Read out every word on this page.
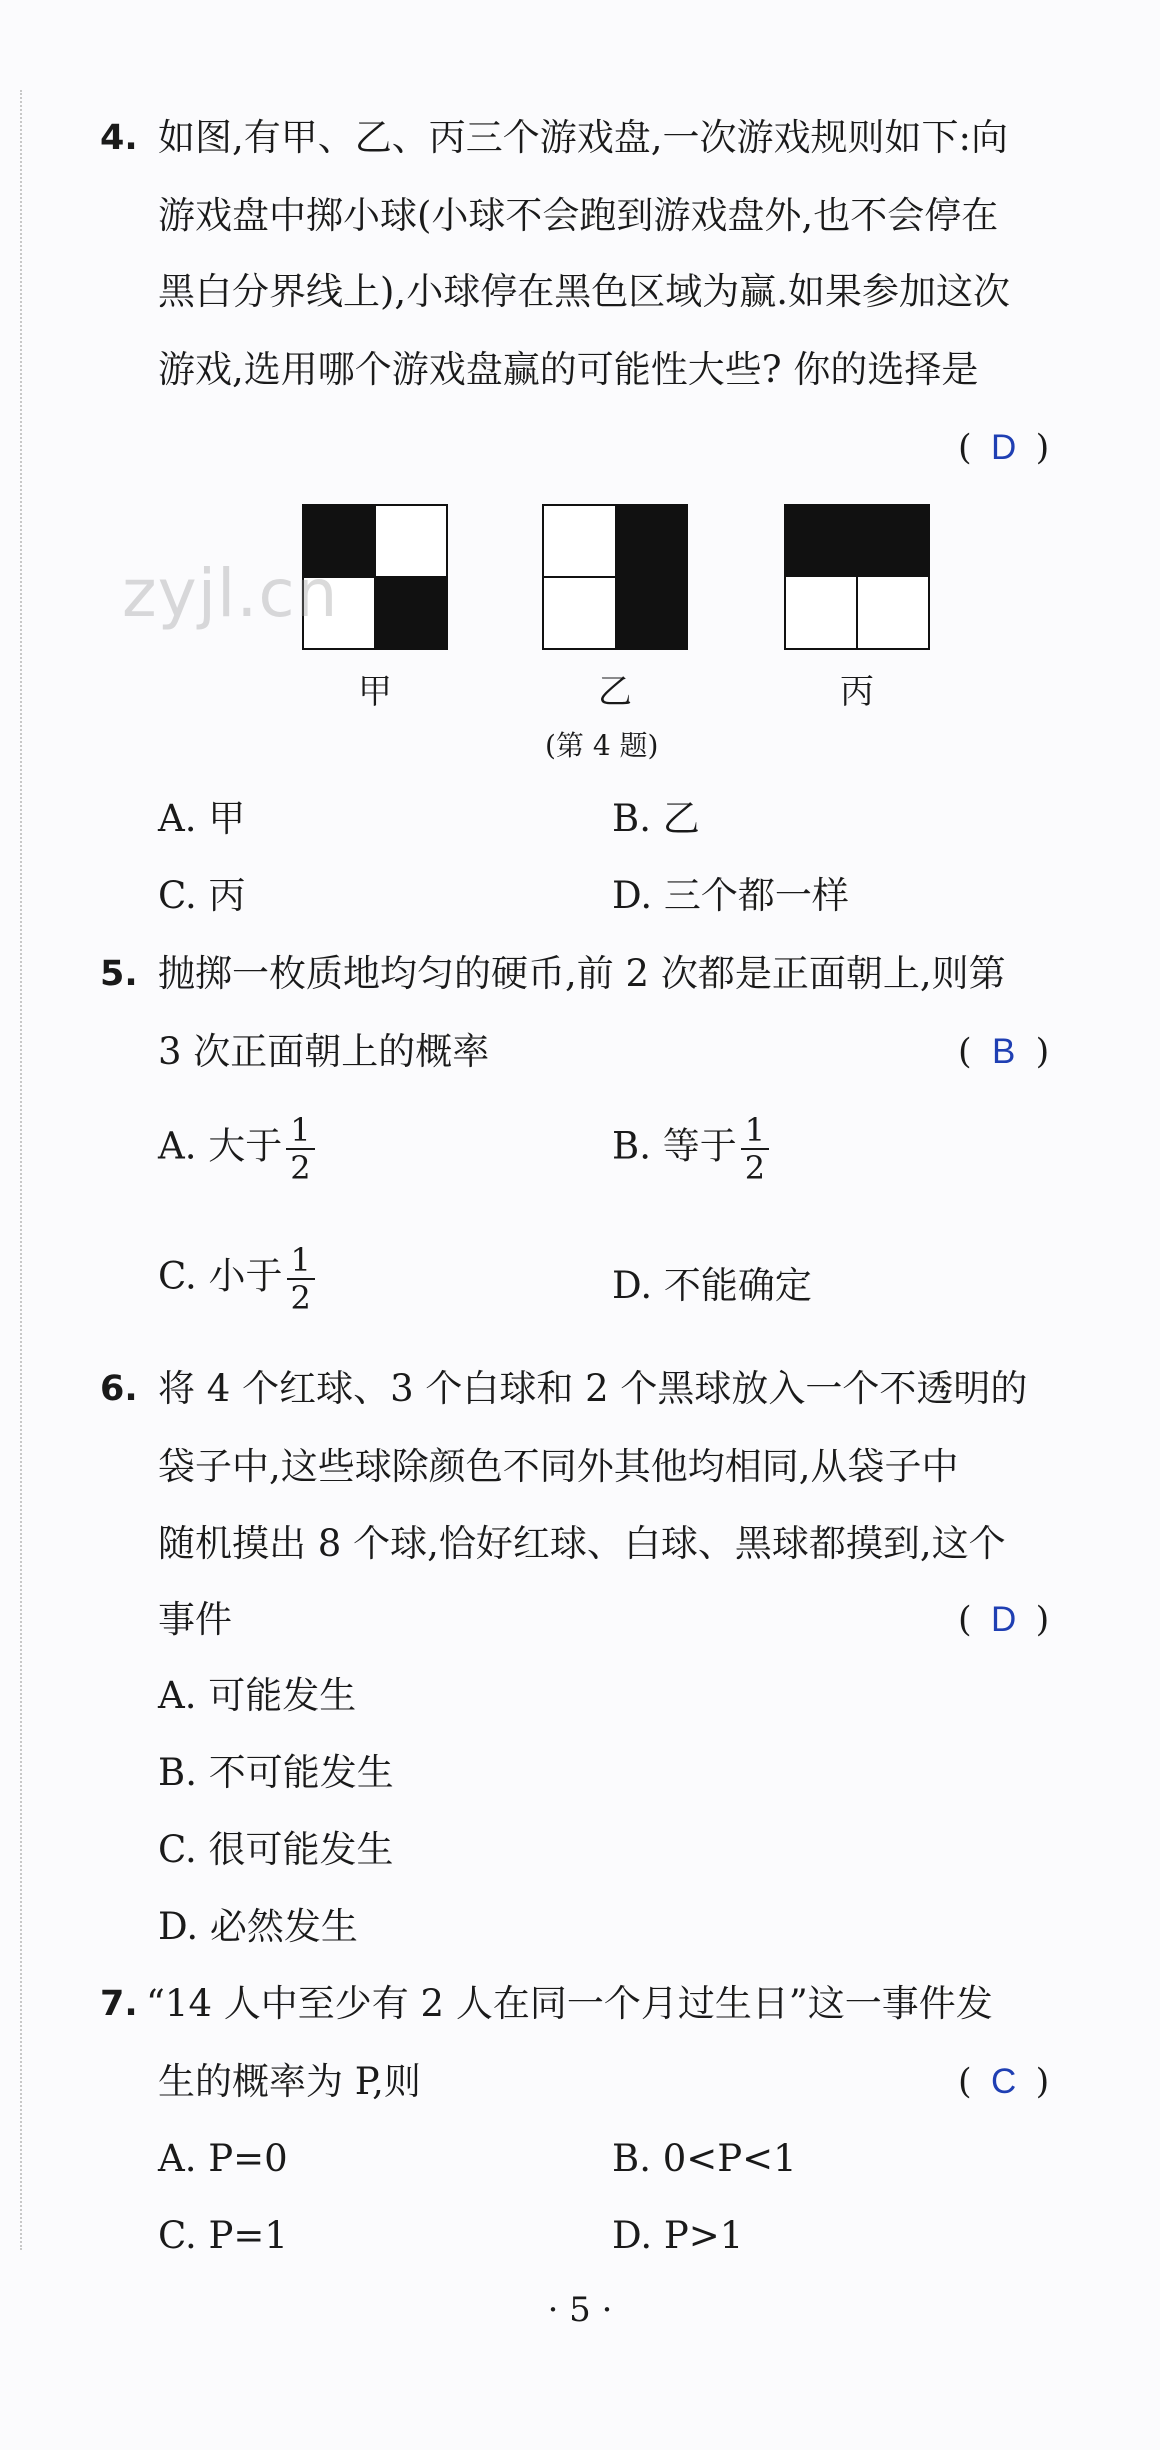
4. 如图,有甲、乙、丙三个游戏盘,一次游戏规则如下:向
游戏盘中掷小球(小球不会跑到游戏盘外,也不会停在
黑白分界线上),小球停在黑色区域为赢.如果参加这次
游戏,选用哪个游戏盘赢的可能性大些? 你的选择是
( D )
zyjl.cn
甲	乙	丙
(第 4 题)
A. 甲	B. 乙
C. 丙	D. 三个都一样
5. 抛掷一枚质地均匀的硬币,前 2 次都是正面朝上,则第
3 次正面朝上的概率	( B )
A. 大于 $\frac{1}{2}$	B. 等于 $\frac{1}{2}$
C. 小于 $\frac{1}{2}$	D. 不能确定
6. 将 4 个红球、3 个白球和 2 个黑球放入一个不透明的
袋子中,这些球除颜色不同外其他均相同,从袋子中
随机摸出 8 个球,恰好红球、白球、黑球都摸到,这个
事件	( D )
A. 可能发生
B. 不可能发生
C. 很可能发生
D. 必然发生
7. “14 人中至少有 2 人在同一个月过生日”这一事件发
生的概率为 P,则	( C )
A. P=0	B. 0<P<1
C. P=1	D. P>1
· 5 ·
